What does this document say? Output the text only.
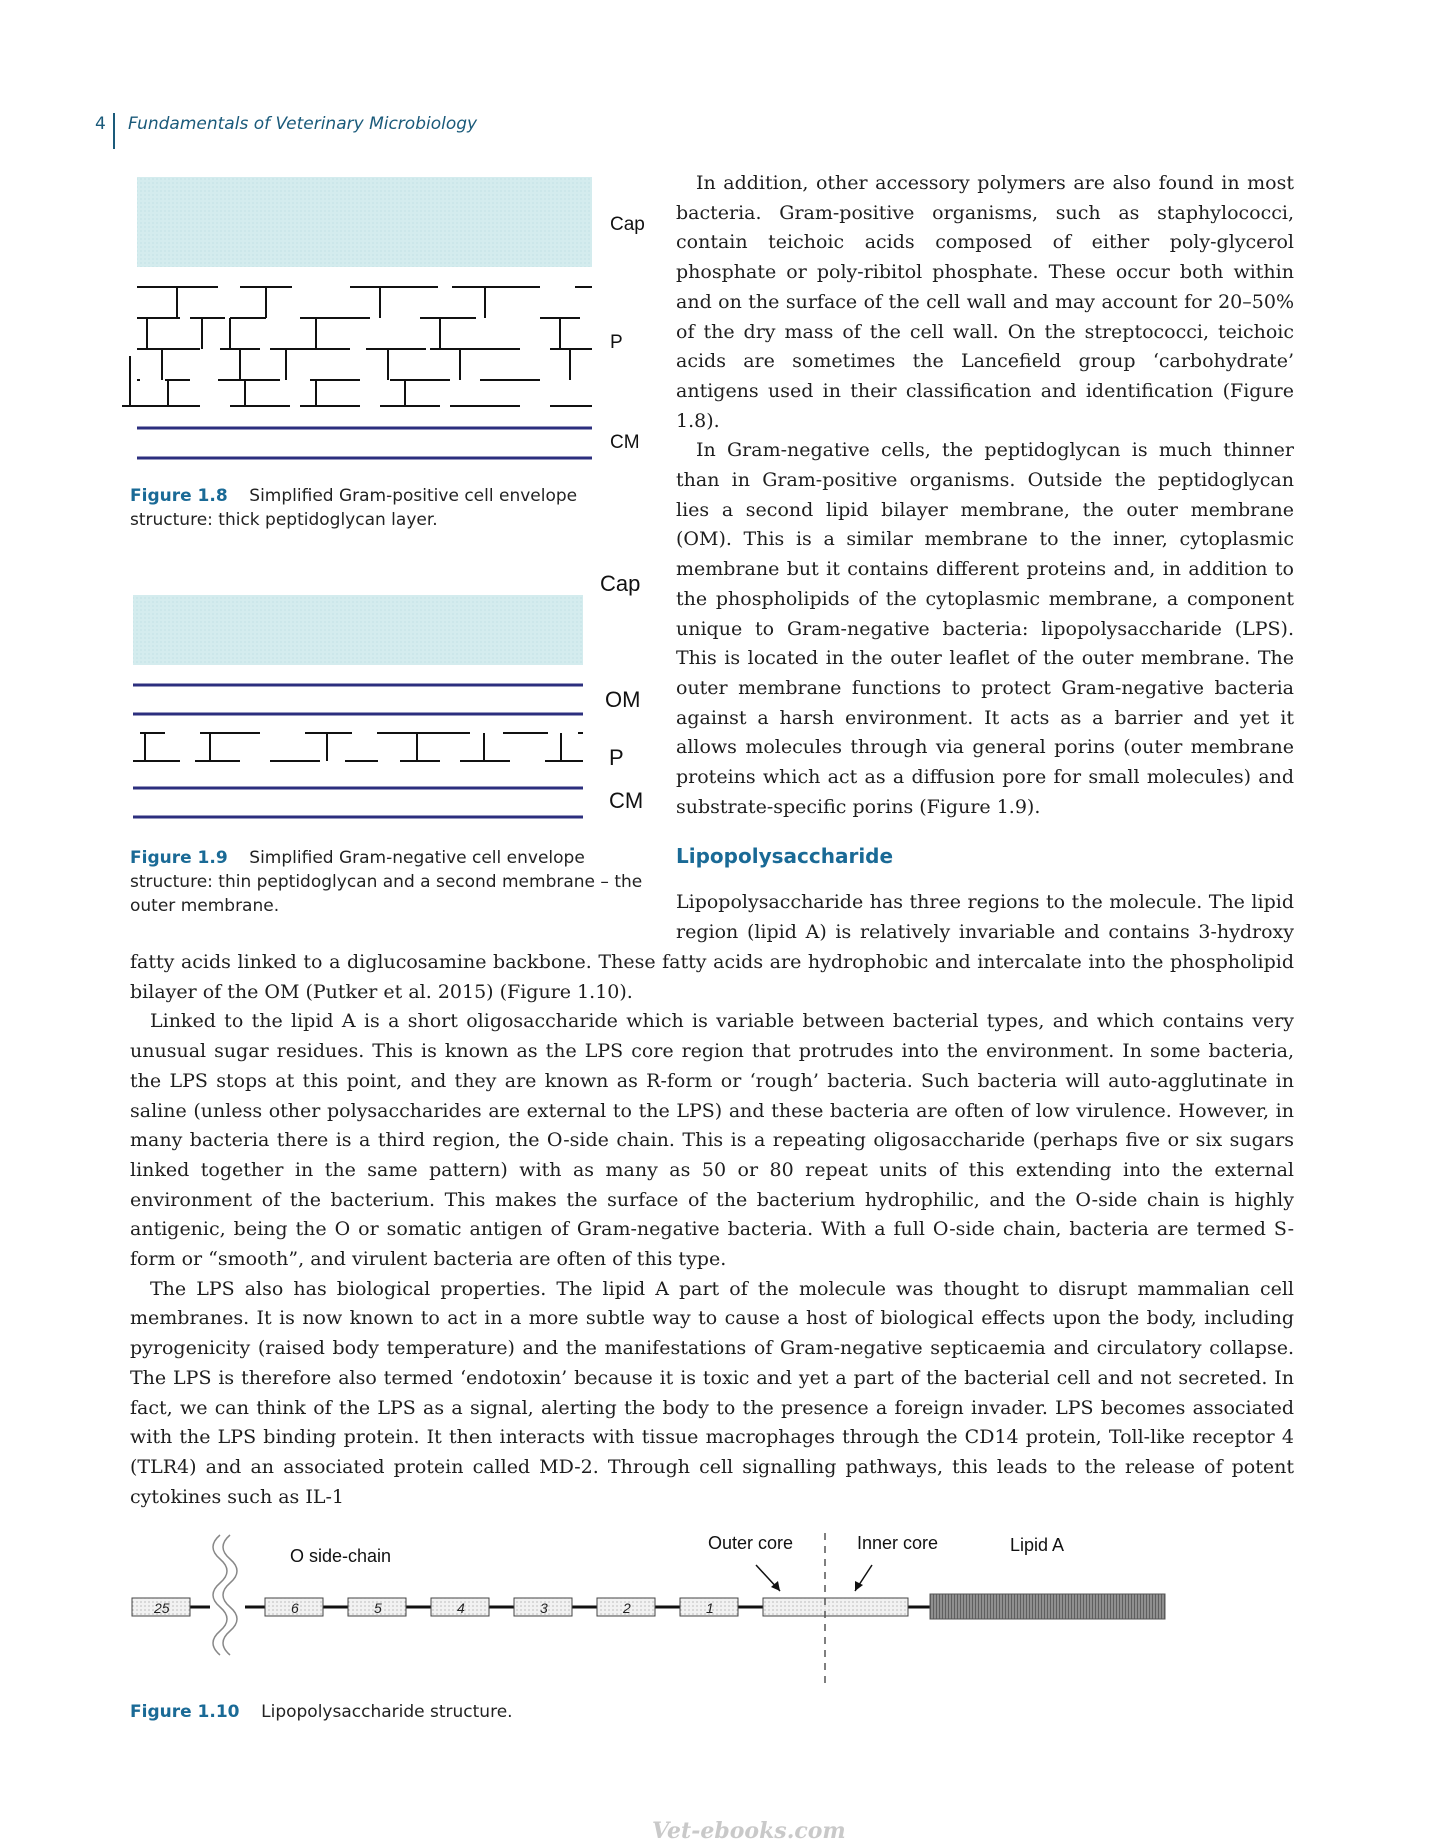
4 Fundamentals of Veterinary Microbiology
Cap
P
CM
Figure 1.8 Simplified Gram-positive cell envelope structure: thick peptidoglycan layer.
Cap
OM
P
CM
Figure 1.9 Simplified Gram-negative cell envelope structure: thin peptidoglycan and a second membrane – the outer membrane.

In addition, other accessory polymers are also found in most bacteria. Gram-positive organisms, such as staphylococci, contain teichoic acids composed of either poly-glycerol phosphate or poly-ribitol phosphate. These occur both within and on the surface of the cell wall and may account for 20–50% of the dry mass of the cell wall. On the streptococci, teichoic acids are sometimes the Lancefield group ‘carbohydrate’ antigens used in their classification and identification (Figure 1.8).

In Gram-negative cells, the peptidoglycan is much thinner than in Gram-positive organisms. Outside the peptidoglycan lies a second lipid bilayer membrane, the outer membrane (OM). This is a similar membrane to the inner, cytoplasmic membrane but it contains different proteins and, in addition to the phospholipids of the cytoplasmic membrane, a component unique to Gram-negative bacteria: lipopolysaccharide (LPS). This is located in the outer leaflet of the outer membrane. The outer membrane functions to protect Gram-negative bacteria against a harsh environment. It acts as a barrier and yet it allows molecules through via general porins (outer membrane proteins which act as a diffusion pore for small molecules) and substrate-specific porins (Figure 1.9).

Lipopolysaccharide
Lipopolysaccharide has three regions to the molecule. The lipid
region (lipid A) is relatively invariable and contains 3-hydroxy
fatty acids linked to a diglucosamine backbone. These fatty acids are hydrophobic and intercalate into the phospholipid bilayer of the OM (Putker et al. 2015) (Figure 1.10).

Linked to the lipid A is a short oligosaccharide which is variable between bacterial types, and which contains very unusual sugar residues. This is known as the LPS core region that protrudes into the environment. In some bacteria, the LPS stops at this point, and they are known as R-form or ‘rough’ bacteria. Such bacteria will auto-agglutinate in saline (unless other polysaccharides are external to the LPS) and these bacteria are often of low virulence. However, in many bacteria there is a third region, the O-side chain. This is a repeating oligosaccharide (perhaps five or six sugars linked together in the same pattern) with as many as 50 or 80 repeat units of this extending into the external environment of the bacterium. This makes the surface of the bacterium hydrophilic, and the O-side chain is highly antigenic, being the O or somatic antigen of Gram-negative bacteria. With a full O-side chain, bacteria are termed S-form or “smooth”, and virulent bacteria are often of this type.

The LPS also has biological properties. The lipid A part of the molecule was thought to disrupt mammalian cell membranes. It is now known to act in a more subtle way to cause a host of biological effects upon the body, including pyrogenicity (raised body temperature) and the manifestations of Gram-negative septicaemia and circulatory collapse. The LPS is therefore also termed ‘endotoxin’ because it is toxic and yet a part of the bacterial cell and not secreted. In fact, we can think of the LPS as a signal, alerting the body to the presence a foreign invader. LPS becomes associated with the LPS binding protein. It then interacts with tissue macrophages through the CD14 protein, Toll-like receptor 4 (TLR4) and an associated protein called MD-2. Through cell signalling pathways, this leads to the release of potent cytokines such as IL-1

25	6	5	4	3	2	1
O side-chain
Outer core	Inner core	Lipid A
Figure 1.10 Lipopolysaccharide structure.
Vet-ebooks.com
